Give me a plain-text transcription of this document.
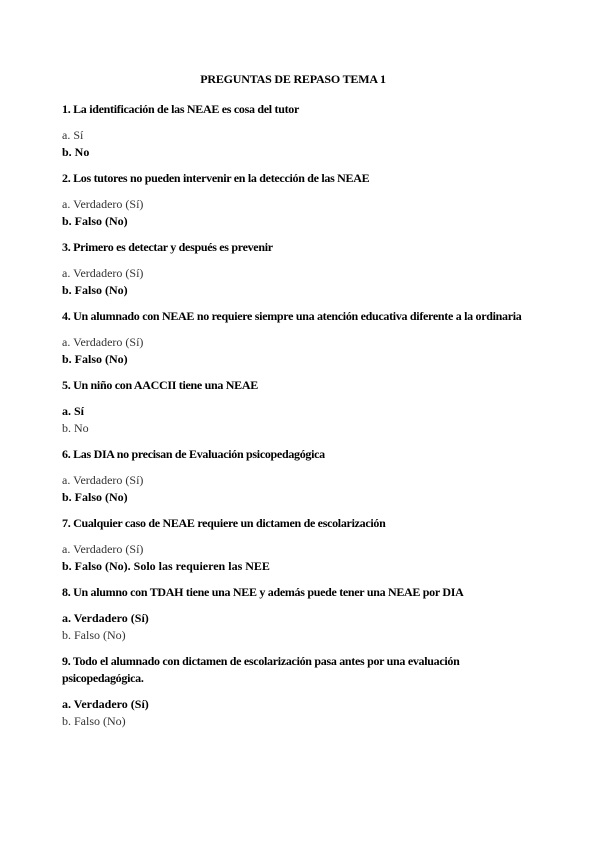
PREGUNTAS DE REPASO TEMA 1
1. La identificación de las NEAE es cosa del tutor
a. Sí
b. No
2. Los tutores no pueden intervenir en la detección de las NEAE
a. Verdadero (Sí)
b. Falso (No)
3. Primero es detectar y después es prevenir
a. Verdadero (Sí)
b. Falso (No)
4. Un alumnado con NEAE no requiere siempre una atención educativa diferente a la ordinaria
a. Verdadero (Sí)
b. Falso (No)
5. Un niño con AACCII tiene una NEAE
a. Sí
b. No
6. Las DIA no precisan de Evaluación psicopedagógica
a. Verdadero (Sí)
b. Falso (No)
7. Cualquier caso de NEAE requiere un dictamen de escolarización
a. Verdadero (Sí)
b. Falso (No). Solo las requieren las NEE
8. Un alumno con TDAH tiene una NEE y además puede tener una NEAE por DIA
a. Verdadero (Sí)
b. Falso (No)
9. Todo el alumnado con dictamen de escolarización pasa antes por una evaluación psicopedagógica.
a. Verdadero (Sí)
b. Falso (No)
